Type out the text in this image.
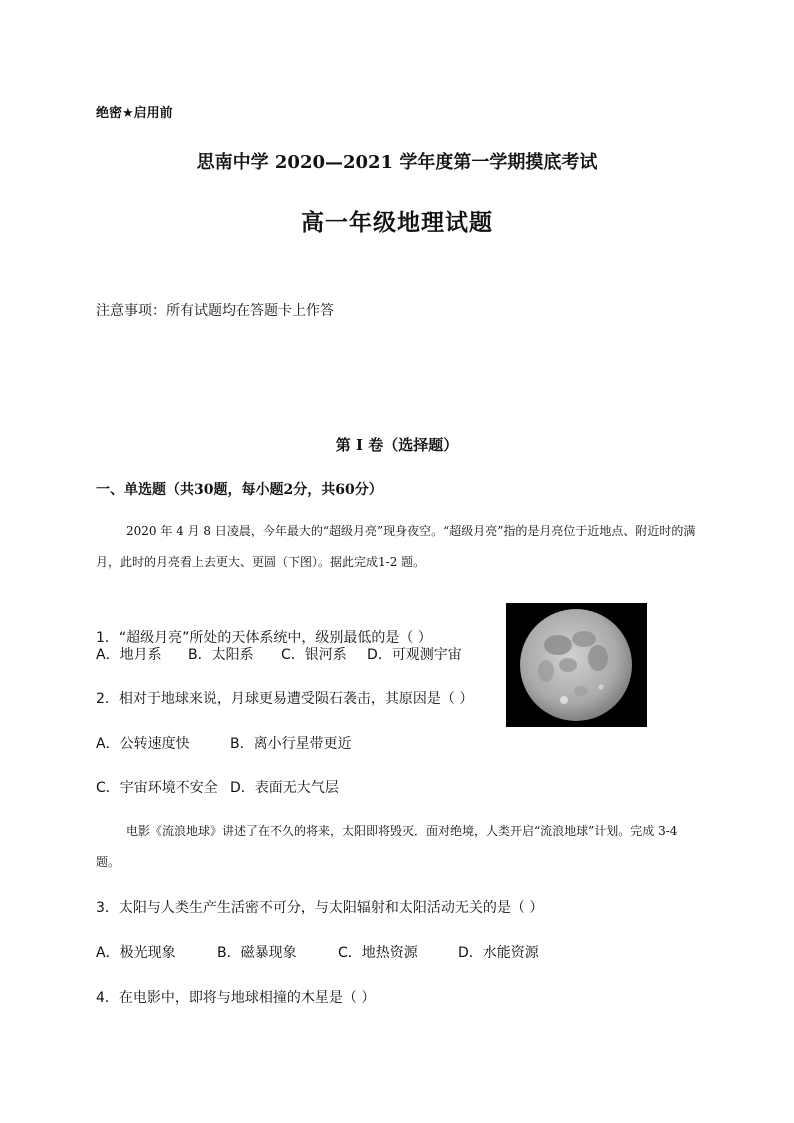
绝密★启用前
思南中学 2020—2021 学年度第一学期摸底考试
高一年级地理试题
注意事项：所有试题均在答题卡上作答
第 I 卷（选择题）
一、单选题（共30题，每小题2分，共60分）
2020 年 4 月 8 日凌晨，今年最大的“超级月亮”现身夜空。“超级月亮”指的是月亮位于近地点、附近时的满月，此时的月亮看上去更大、更圆（下图）。据此完成1-2 题。
1．“超级月亮”所处的天体系统中，级别最低的是（ ）
A．地月系 B．太阳系 C．银河系 D．可观测宇宙
2．相对于地球来说，月球更易遭受陨石袭击，其原因是（ ）
A．公转速度快	B．离小行星带更近
C．宇宙环境不安全 D．表面无大气层
电影《流浪地球》讲述了在不久的将来，太阳即将毁灭．面对绝境，人类开启“流浪地球”计划。完成 3-4 题。
3．太阳与人类生产生活密不可分，与太阳辐射和太阳活动无关的是（ ）
A．极光现象	B．磁暴现象	C．地热资源	D．水能资源
4．在电影中，即将与地球相撞的木星是（ ）
